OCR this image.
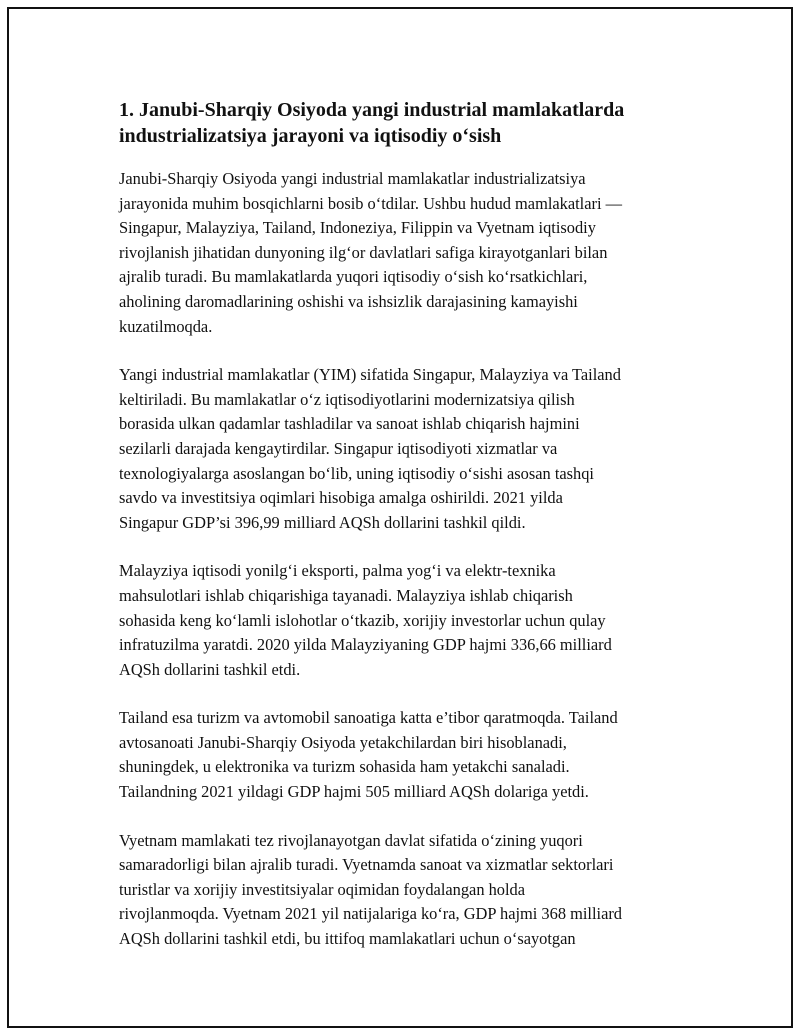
1. Janubi-Sharqiy Osiyoda yangi industrial mamlakatlarda
industrializatsiya jarayoni va iqtisodiy o‘sish

Janubi-Sharqiy Osiyoda yangi industrial mamlakatlar industrializatsiya
jarayonida muhim bosqichlarni bosib o‘tdilar. Ushbu hudud mamlakatlari —
Singapur, Malayziya, Tailand, Indoneziya, Filippin va Vyetnam iqtisodiy
rivojlanish jihatidan dunyoning ilg‘or davlatlari safiga kirayotganlari bilan
ajralib turadi. Bu mamlakatlarda yuqori iqtisodiy o‘sish ko‘rsatkichlari,
aholining daromadlarining oshishi va ishsizlik darajasining kamayishi
kuzatilmoqda.

Yangi industrial mamlakatlar (YIM) sifatida Singapur, Malayziya va Tailand
keltiriladi. Bu mamlakatlar o‘z iqtisodiyotlarini modernizatsiya qilish
borasida ulkan qadamlar tashladilar va sanoat ishlab chiqarish hajmini
sezilarli darajada kengaytirdilar. Singapur iqtisodiyoti xizmatlar va
texnologiyalarga asoslangan bo‘lib, uning iqtisodiy o‘sishi asosan tashqi
savdo va investitsiya oqimlari hisobiga amalga oshirildi. 2021 yilda
Singapur GDP’si 396,99 milliard AQSh dollarini tashkil qildi.

Malayziya iqtisodi yonilg‘i eksporti, palma yog‘i va elektr-texnika
mahsulotlari ishlab chiqarishiga tayanadi. Malayziya ishlab chiqarish
sohasida keng ko‘lamli islohotlar o‘tkazib, xorijiy investorlar uchun qulay
infratuzilma yaratdi. 2020 yilda Malayziyaning GDP hajmi 336,66 milliard
AQSh dollarini tashkil etdi.

Tailand esa turizm va avtomobil sanoatiga katta e’tibor qaratmoqda. Tailand
avtosanoati Janubi-Sharqiy Osiyoda yetakchilardan biri hisoblanadi,
shuningdek, u elektronika va turizm sohasida ham yetakchi sanaladi.
Tailandning 2021 yildagi GDP hajmi 505 milliard AQSh dolariga yetdi.

Vyetnam mamlakati tez rivojlanayotgan davlat sifatida o‘zining yuqori
samaradorligi bilan ajralib turadi. Vyetnamda sanoat va xizmatlar sektorlari
turistlar va xorijiy investitsiyalar oqimidan foydalangan holda
rivojlanmoqda. Vyetnam 2021 yil natijalariga ko‘ra, GDP hajmi 368 milliard
AQSh dollarini tashkil etdi, bu ittifoq mamlakatlari uchun o‘sayotgan
